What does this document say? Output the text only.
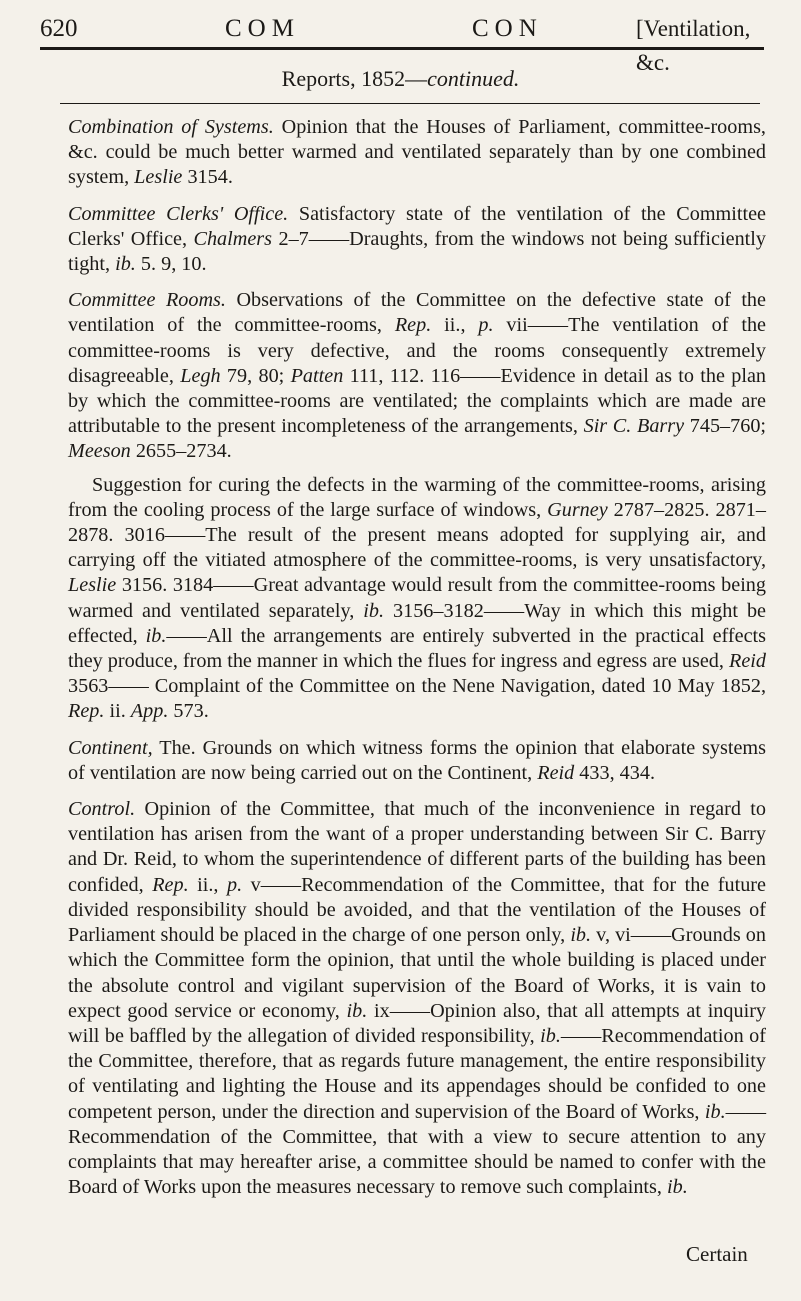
620	COM	CON	[Ventilation, &c.
Reports, 1852—continued.

Combination of Systems. Opinion that the Houses of Parliament, committee-rooms, &c. could be much better warmed and ventilated separately than by one combined system, Leslie 3154.

Committee Clerks' Office. Satisfactory state of the ventilation of the Committee Clerks' Office, Chalmers 2–7——Draughts, from the windows not being sufficiently tight, ib. 5. 9, 10.

Committee Rooms. Observations of the Committee on the defective state of the ventilation of the committee-rooms, Rep. ii., p. vii——The ventilation of the committee-rooms is very defective, and the rooms consequently extremely disagreeable, Legh 79, 80; Patten 111, 112. 116——Evidence in detail as to the plan by which the committee-rooms are ventilated; the complaints which are made are attributable to the present incompleteness of the arrangements, Sir C. Barry 745–760; Meeson 2655–2734.

Suggestion for curing the defects in the warming of the committee-rooms, arising from the cooling process of the large surface of windows, Gurney 2787–2825. 2871–2878. 3016——The result of the present means adopted for supplying air, and carrying off the vitiated atmosphere of the committee-rooms, is very unsatisfactory, Leslie 3156. 3184——Great advantage would result from the committee-rooms being warmed and ventilated separately, ib. 3156–3182——Way in which this might be effected, ib.——All the arrangements are entirely subverted in the practical effects they produce, from the manner in which the flues for ingress and egress are used, Reid 3563—— Complaint of the Committee on the Nene Navigation, dated 10 May 1852, Rep. ii. App. 573.

Continent, The. Grounds on which witness forms the opinion that elaborate systems of ventilation are now being carried out on the Continent, Reid 433, 434.

Control. Opinion of the Committee, that much of the inconvenience in regard to ventilation has arisen from the want of a proper understanding between Sir C. Barry and Dr. Reid, to whom the superintendence of different parts of the building has been confided, Rep. ii., p. v——Recommendation of the Committee, that for the future divided responsibility should be avoided, and that the ventilation of the Houses of Parliament should be placed in the charge of one person only, ib. v, vi——Grounds on which the Committee form the opinion, that until the whole building is placed under the absolute control and vigilant supervision of the Board of Works, it is vain to expect good service or economy, ib. ix——Opinion also, that all attempts at inquiry will be baffled by the allegation of divided responsibility, ib.——Recommendation of the Committee, therefore, that as regards future management, the entire responsibility of ventilating and lighting the House and its appendages should be confided to one competent person, under the direction and supervision of the Board of Works, ib.——Recommendation of the Committee, that with a view to secure attention to any complaints that may hereafter arise, a committee should be named to confer with the Board of Works upon the measures necessary to remove such complaints, ib.

Certain
